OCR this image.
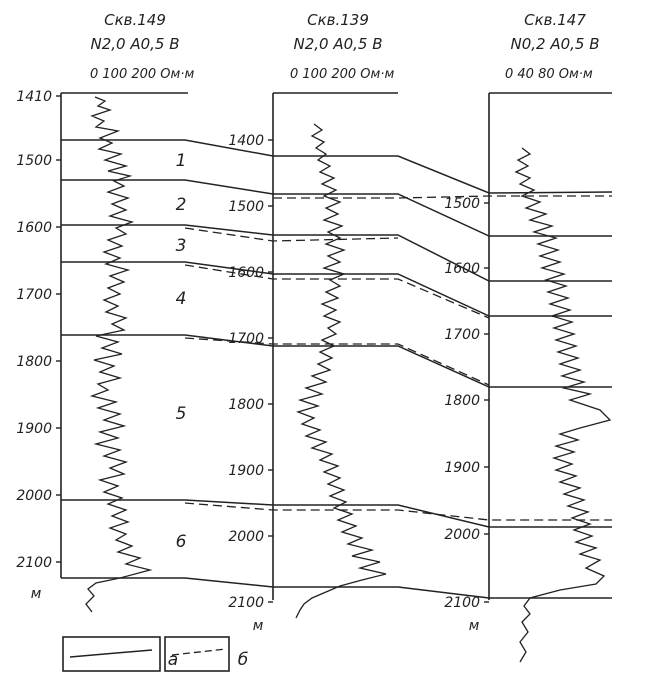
Скв.149
N2,0 A0,5 B
0 100 200 Ом·м
Скв.139
N2,0 A0,5 B
0 100 200 Ом·м
Скв.147
N0,2 A0,5 B
0 40 80 Ом·м
1410
1500
1600
1700
1800
1900
2000
2100
м
1400
1500
1600
1700
1800
1900
2000
2100
м
1500
1600
1700
1800
1900
2000
2100
м
1
2
3
4
5
6
а	б
